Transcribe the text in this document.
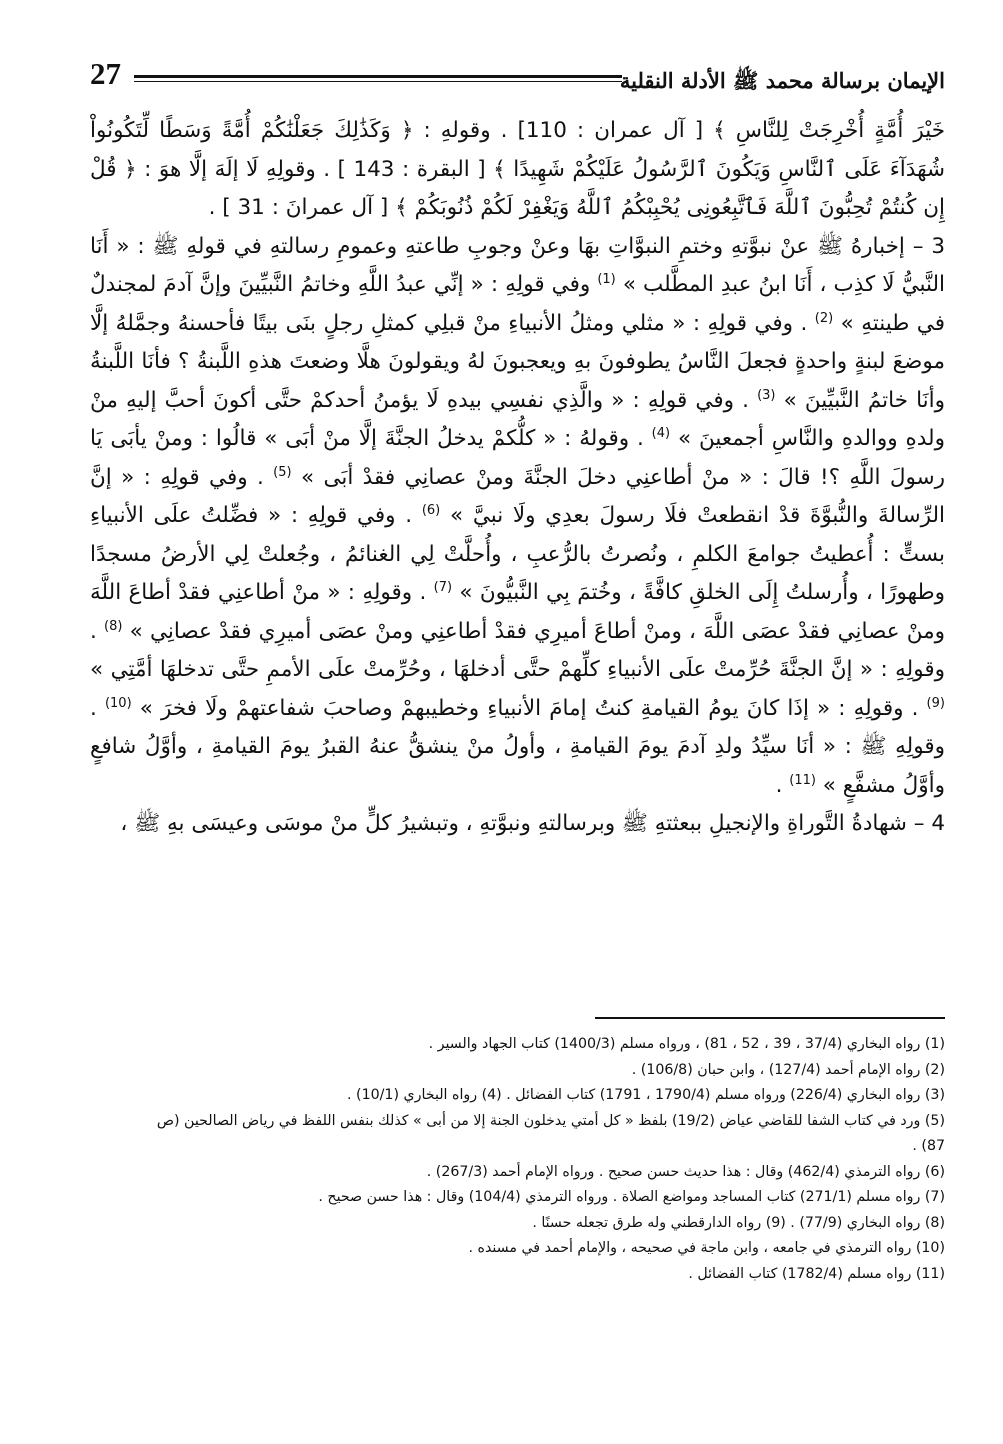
27	الإيمان برسالة محمد ﷺ الأدلة النقلية

خَيْرَ أُمَّةٍ أُخْرِجَتْ لِلنَّاسِ ﴾ [ آل عمران : 110] . وقولهِ : ﴿ وَكَذَٰلِكَ جَعَلْنَٰكُمْ أُمَّةً وَسَطًا لِّتَكُونُواْ شُهَدَآءَ عَلَى ٱلنَّاسِ وَيَكُونَ ٱلرَّسُولُ عَلَيْكُمْ شَهِيدًا ﴾ [ البقرة : 143 ] . وقولِهِ لَا إلَهَ إلَّا هوَ : ﴿ قُلْ إِن كُنتُمْ تُحِبُّونَ ٱللَّهَ فَٱتَّبِعُونِى يُحْبِبْكُمُ ٱللَّهُ وَيَغْفِرْ لَكُمْ ذُنُوبَكُمْ ﴾ [ آل عمرانَ : 31 ] .

3 – إخبارهُ ﷺ عنْ نبوَّتهِ وختمِ النبوَّاتِ بهَا وعنْ وجوبِ طاعتهِ وعمومِ رسالتهِ في قولهِ ﷺ : « أَنَا النَّبيُّ لَا كذِب ، أَنَا ابنُ عبدِ المطَّلب » $^{(1)}$ وفي قولِهِ : « إنِّي عبدُ اللَّهِ وخاتمُ النَّبيِّينَ وإنَّ آدمَ لمجندلٌ في طينتهِ » $^{(2)}$ . وفي قولِهِ : « مثلي ومثلُ الأنبياءِ منْ قبلِي كمثلِ رجلٍ بنَى بيتًا فأحسنهُ وجمَّلهُ إلَّا موضعَ لبنةٍ واحدةٍ فجعلَ النَّاسُ يطوفونَ بهِ ويعجبونَ لهُ ويقولونَ هلَّا وضعتَ هذهِ اللَّبنةُ ؟ فأنَا اللَّبنةُ وأنَا خاتمُ النَّبيِّينَ » $^{(3)}$ . وفي قولِهِ : « والَّذِي نفسِي بيدهِ لَا يؤمنُ أحدكمْ حتَّى أكونَ أحبَّ إليهِ منْ ولدهِ ووالدهِ والنَّاسِ أجمعينَ » $^{(4)}$ . وقولهُ : « كلُّكمْ يدخلُ الجنَّةَ إلَّا منْ أبَى » قالُوا : ومنْ يأبَى يَا رسولَ اللَّهِ ؟! قالَ : « منْ أطاعنِي دخلَ الجنَّةَ ومنْ عصانِي فقدْ أبَى » $^{(5)}$ . وفي قولِهِ : « إنَّ الرِّسالةَ والنُّبوَّةَ قدْ انقطعتْ فلَا رسولَ بعدِي ولَا نبيَّ » $^{(6)}$ . وفي قولِهِ : « فضِّلتُ علَى الأنبياءِ بستٍّ : أُعطيتُ جوامعَ الكلمِ ، ونُصرتُ بالرُّعبِ ، وأُحلَّتْ لِي الغنائمُ ، وجُعلتْ لِي الأرضُ مسجدًا وطهورًا ، وأُرسلتُ إِلَى الخلقِ كافَّةً ، وخُتمَ بِي النَّبيُّونَ » $^{(7)}$ . وقولِهِ : « منْ أطاعنِي فقدْ أطاعَ اللَّهَ ومنْ عصانِي فقدْ عصَى اللَّهَ ، ومنْ أطاعَ أميرِي فقدْ أطاعنِي ومنْ عصَى أميرِي فقدْ عصانِي » $^{(8)}$ . وقولِهِ : « إنَّ الجنَّةَ حُرِّمتْ علَى الأنبياءِ كلِّهمْ حتَّى أدخلهَا ، وحُرِّمتْ علَى الأممِ حتَّى تدخلهَا أمَّتِي » $^{(9)}$ . وقولِهِ : « إذَا كانَ يومُ القيامةِ كنتُ إمامَ الأنبياءِ وخطيبهمْ وصاحبَ شفاعتهمْ ولَا فخرَ » $^{(10)}$ . وقولِهِ ﷺ : « أنَا سيِّدُ ولدِ آدمَ يومَ القيامةِ ، وأولُ منْ ينشقُّ عنهُ القبرُ يومَ القيامةِ ، وأوَّلُ شافعٍ وأوَّلُ مشفَّعٍ » $^{(11)}$ .

4 – شهادةُ التَّوراةِ والإنجيلِ ببعثتهِ ﷺ وبرسالتهِ ونبوَّتهِ ، وتبشيرُ كلٍّ منْ موسَى وعيسَى بهِ ﷺ ،

(1) رواه البخاري (37/4 ، 39 ، 52 ، 81) ، ورواه مسلم (1400/3) كتاب الجهاد والسير .

(2) رواه الإمام أحمد (127/4) ، وابن حبان (106/8) .

(3) رواه البخاري (226/4) ورواه مسلم (1790/4 ، 1791) كتاب الفضائل . (4) رواه البخاري (10/1) .

(5) ورد في كتاب الشفا للقاضي عياض (19/2) بلفظ « كل أمتي يدخلون الجنة إلا من أبى » كذلك بنفس اللفظ في رياض الصالحين (ص 87) .

(6) رواه الترمذي (462/4) وقال : هذا حديث حسن صحيح . ورواه الإمام أحمد (267/3) .

(7) رواه مسلم (271/1) كتاب المساجد ومواضع الصلاة . ورواه الترمذي (104/4) وقال : هذا حسن صحيح .

(8) رواه البخاري (77/9) . (9) رواه الدارقطني وله طرق تجعله حسنًا .

(10) رواه الترمذي في جامعه ، وابن ماجة في صحيحه ، والإمام أحمد في مسنده .

(11) رواه مسلم (1782/4) كتاب الفضائل .
